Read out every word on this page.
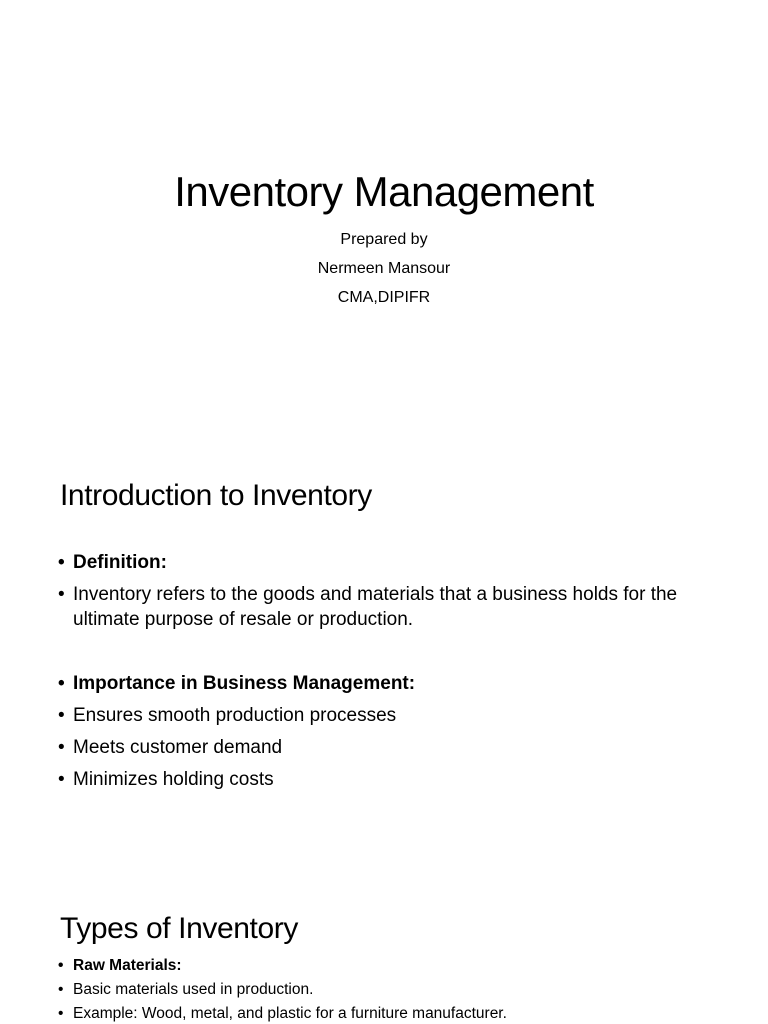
Inventory Management
Prepared by
Nermeen Mansour
CMA,DIPIFR
Introduction to Inventory
• Definition:
• Inventory refers to the goods and materials that a business holds for the ultimate purpose of resale or production.
• Importance in Business Management:
• Ensures smooth production processes
• Meets customer demand
• Minimizes holding costs
Types of Inventory
• Raw Materials:
• Basic materials used in production.
• Example: Wood, metal, and plastic for a furniture manufacturer.
